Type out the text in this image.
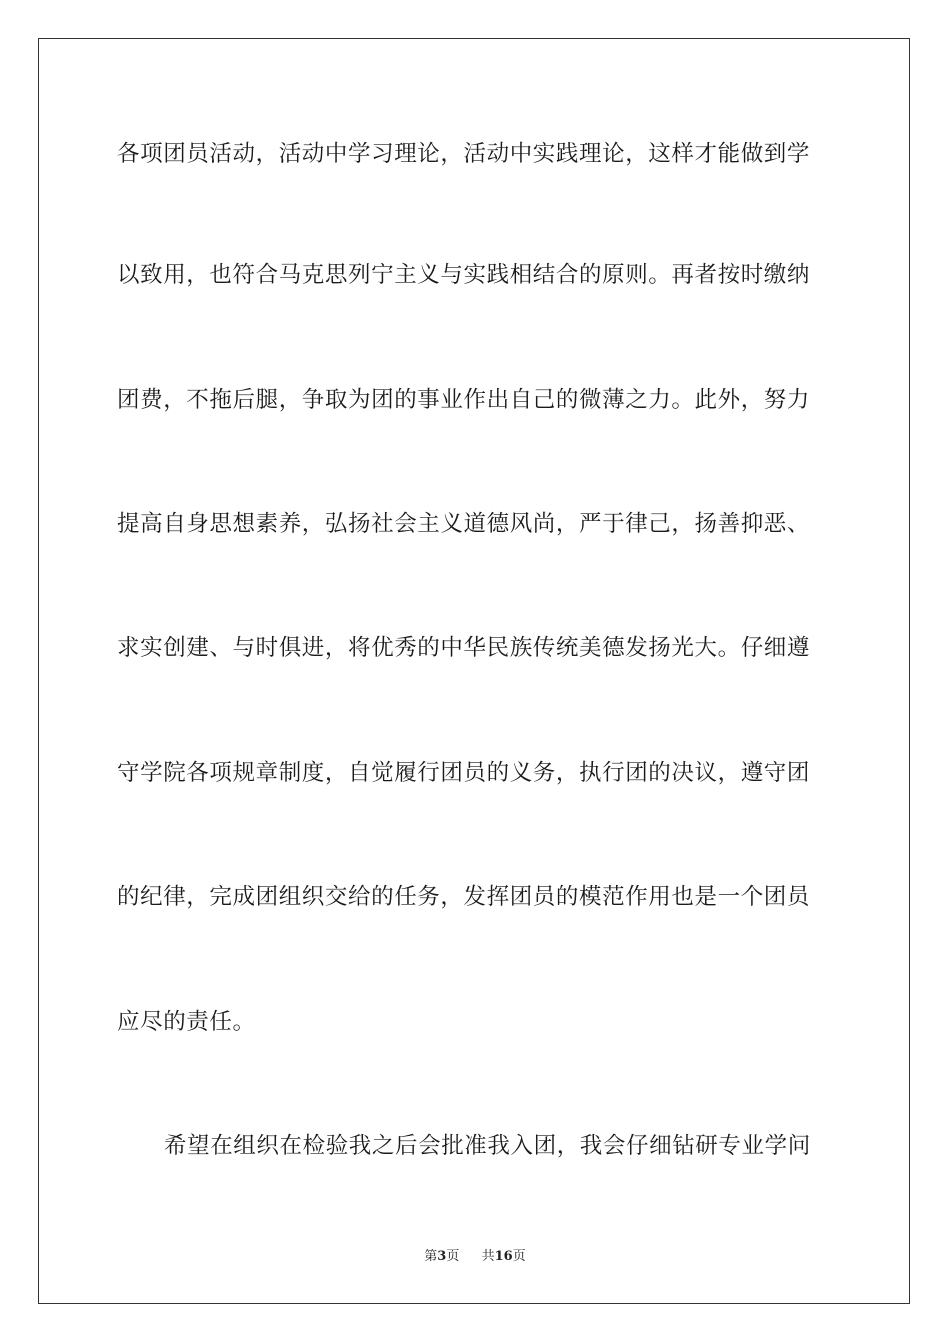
各项团员活动，活动中学习理论，活动中实践理论，这样才能做到学
以致用，也符合马克思列宁主义与实践相结合的原则。再者按时缴纳
团费，不拖后腿，争取为团的事业作出自己的微薄之力。此外，努力
提高自身思想素养，弘扬社会主义道德风尚，严于律己，扬善抑恶、
求实创建、与时俱进，将优秀的中华民族传统美德发扬光大。仔细遵
守学院各项规章制度，自觉履行团员的义务，执行团的决议，遵守团
的纪律，完成团组织交给的任务，发挥团员的模范作用也是一个团员
应尽的责任。
希望在组织在检验我之后会批准我入团，我会仔细钻研专业学问
第3页 共16页
